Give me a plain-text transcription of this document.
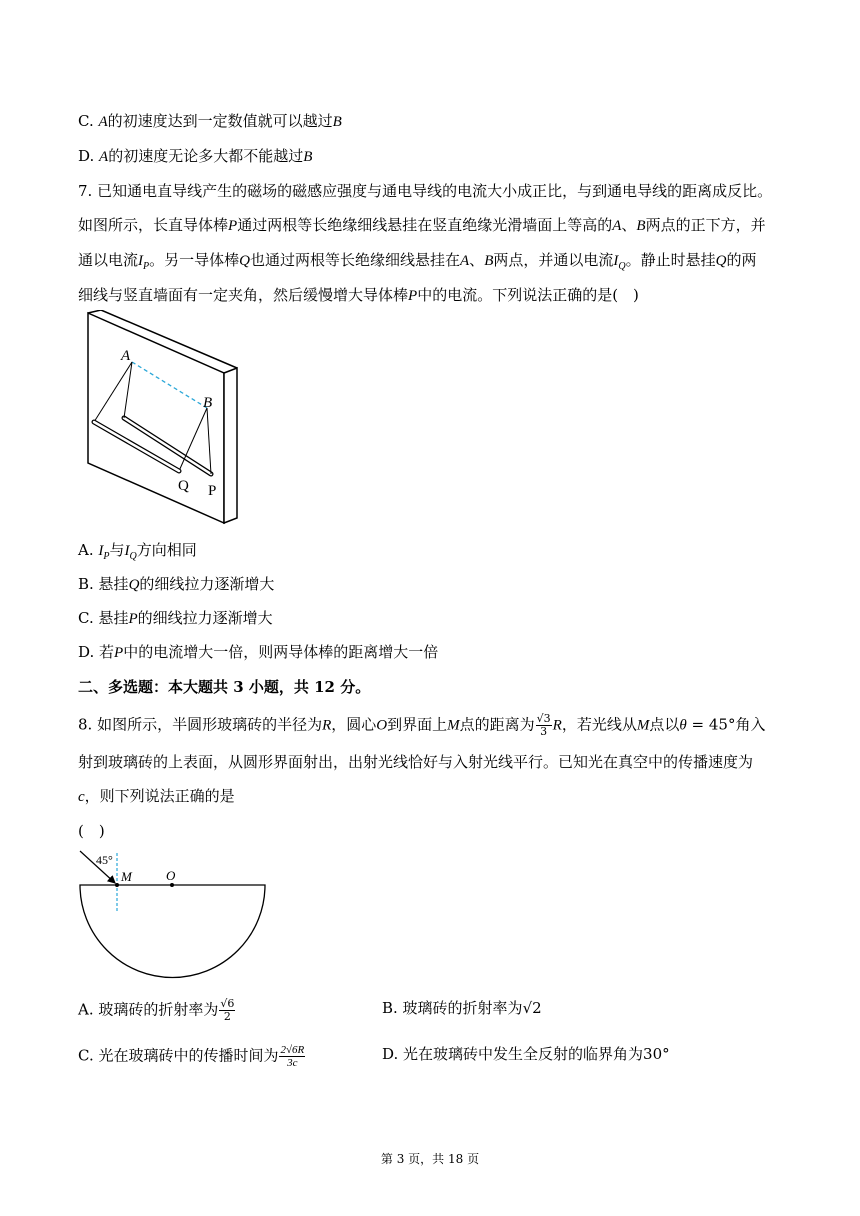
C. A的初速度达到一定数值就可以越过B
D. A的初速度无论多大都不能越过B
7. 已知通电直导线产生的磁场的磁感应强度与通电导线的电流大小成正比，与到通电导线的距离成反比。
如图所示，长直导体棒P通过两根等长绝缘细线悬挂在竖直绝缘光滑墙面上等高的A、B两点的正下方，并
通以电流$I_P$。另一导体棒Q也通过两根等长绝缘细线悬挂在A、B两点，并通以电流$I_Q$。静止时悬挂Q的两
细线与竖直墙面有一定夹角，然后缓慢增大导体棒P中的电流。下列说法正确的是(　)
A
B
Q P
A. $I_P$与$I_Q$方向相同
B. 悬挂Q的细线拉力逐渐增大
C. 悬挂P的细线拉力逐渐增大
D. 若P中的电流增大一倍，则两导体棒的距离增大一倍
二、多选题：本大题共 3 小题，共 12 分。
8. 如图所示，半圆形玻璃砖的半径为R，圆心O到界面上M点的距离为 $\frac{√3}{3}$ R，若光线从M点以θ = 45°角入
射到玻璃砖的上表面，从圆形界面射出，出射光线恰好与入射光线平行。已知光在真空中的传播速度为
c，则下列说法正确的是
(　)
45°
M	O
A. 玻璃砖的折射率为 $\frac{√6}{2}$	B. 玻璃砖的折射率为√2
C. 光在玻璃砖中的传播时间为 $\frac{2√6R}{3c}$	D. 光在玻璃砖中发生全反射的临界角为30°
第 3 页，共 18 页
